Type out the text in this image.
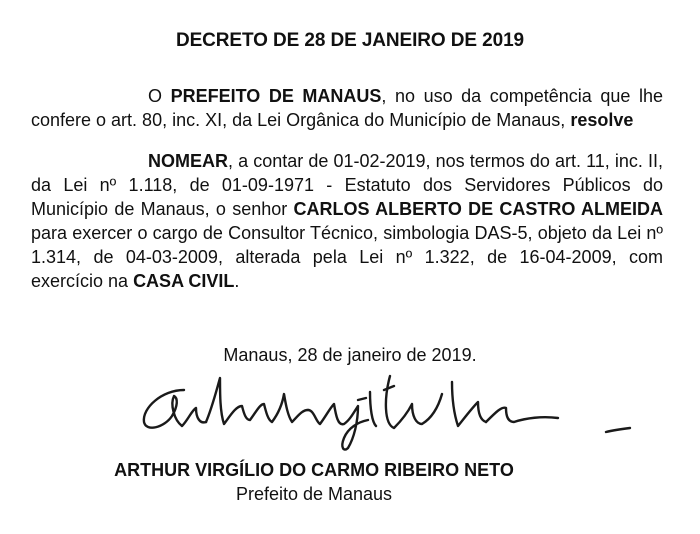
DECRETO DE 28 DE JANEIRO DE 2019
O PREFEITO DE MANAUS, no uso da competência que lhe confere o art. 80, inc. XI, da Lei Orgânica do Município de Manaus, resolve
NOMEAR, a contar de 01-02-2019, nos termos do art. 11, inc. II, da Lei nº 1.118, de 01-09-1971 - Estatuto dos Servidores Públicos do Município de Manaus, o senhor CARLOS ALBERTO DE CASTRO ALMEIDA para exercer o cargo de Consultor Técnico, simbologia DAS-5, objeto da Lei nº 1.314, de 04-03-2009, alterada pela Lei nº 1.322, de 16-04-2009, com exercício na CASA CIVIL.
Manaus, 28 de janeiro de 2019.
ARTHUR VIRGÍLIO DO CARMO RIBEIRO NETO
Prefeito de Manaus
